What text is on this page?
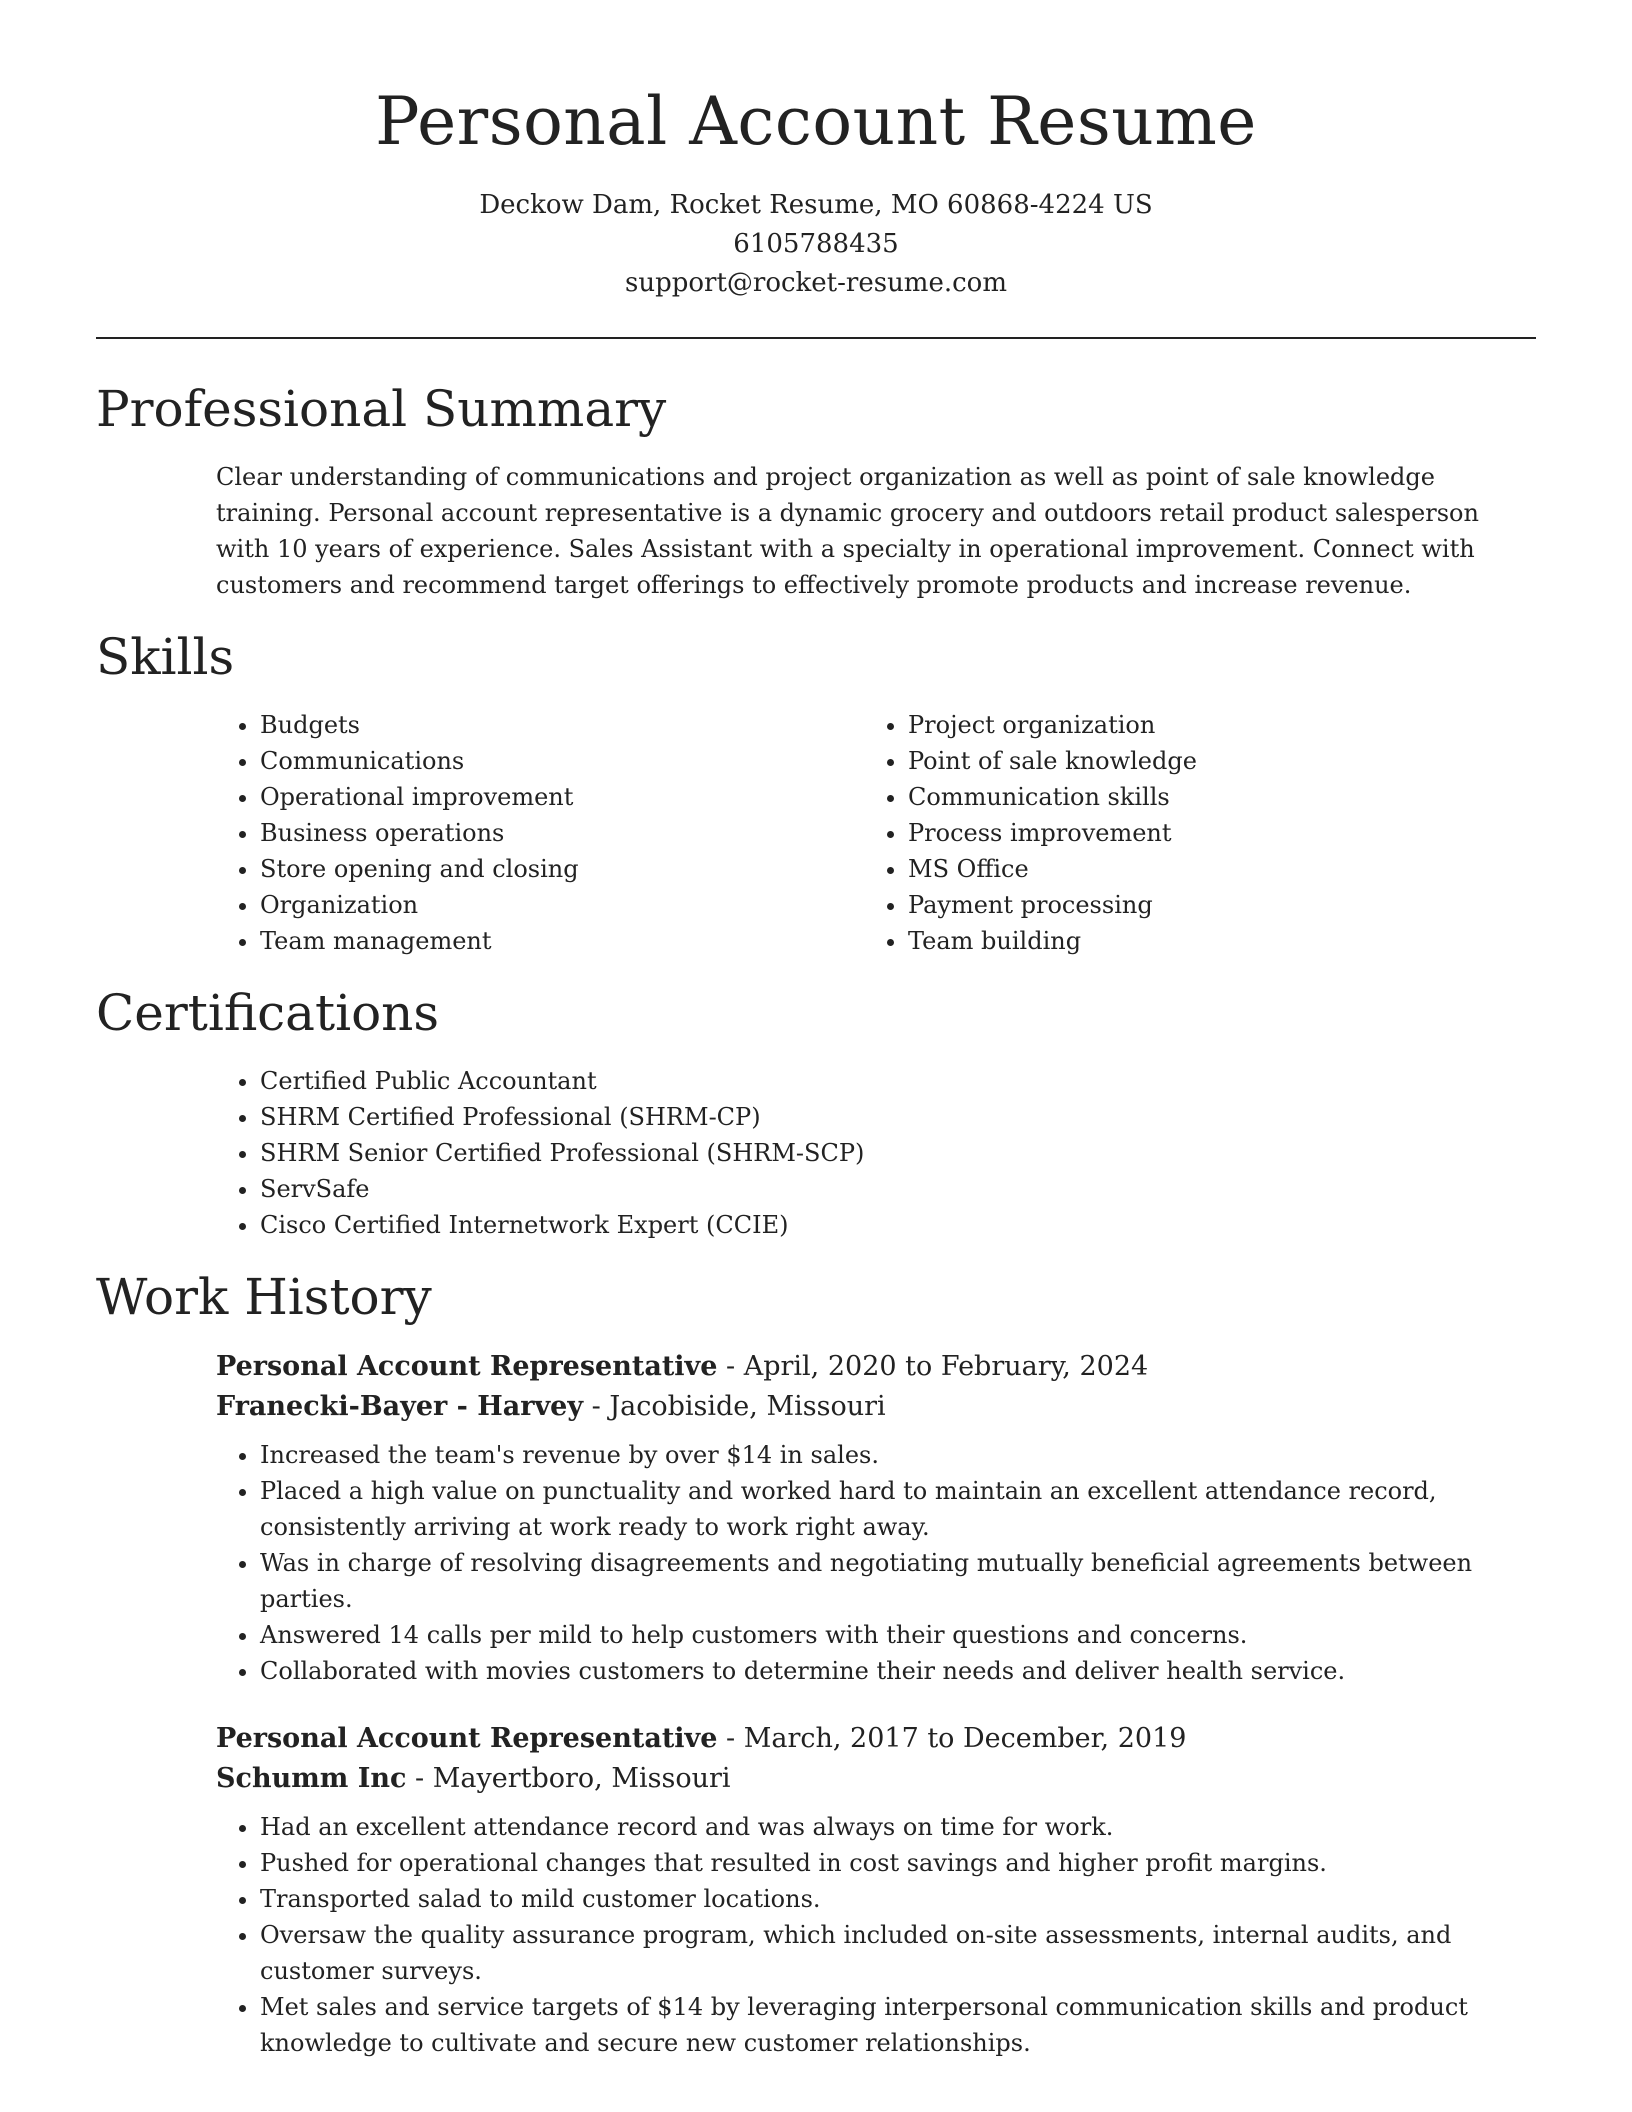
Personal Account Resume
Deckow Dam, Rocket Resume, MO 60868-4224 US
6105788435
support@rocket-resume.com
Professional Summary

Clear understanding of communications and project organization as well as point of sale knowledge training. Personal account representative is a dynamic grocery and outdoors retail product salesperson with 10 years of experience. Sales Assistant with a specialty in operational improvement. Connect with customers and recommend target offerings to effectively promote products and increase revenue.

Skills
• Budgets
• Communications
• Operational improvement
• Business operations
• Store opening and closing
• Organization
• Team management
• Project organization
• Point of sale knowledge
• Communication skills
• Process improvement
• MS Office
• Payment processing
• Team building
Certifications
• Certified Public Accountant
• SHRM Certified Professional (SHRM-CP)
• SHRM Senior Certified Professional (SHRM-SCP)
• ServSafe
• Cisco Certified Internetwork Expert (CCIE)
Work History
Personal Account Representative - April, 2020 to February, 2024
Franecki-Bayer - Harvey - Jacobiside, Missouri
• Increased the team's revenue by over $14 in sales.
• Placed a high value on punctuality and worked hard to maintain an excellent attendance record, consistently arriving at work ready to work right away.
• Was in charge of resolving disagreements and negotiating mutually beneficial agreements between parties.
• Answered 14 calls per mild to help customers with their questions and concerns.
• Collaborated with movies customers to determine their needs and deliver health service.
Personal Account Representative - March, 2017 to December, 2019
Schumm Inc - Mayertboro, Missouri
• Had an excellent attendance record and was always on time for work.
• Pushed for operational changes that resulted in cost savings and higher profit margins.
• Transported salad to mild customer locations.
• Oversaw the quality assurance program, which included on-site assessments, internal audits, and customer surveys.
• Met sales and service targets of $14 by leveraging interpersonal communication skills and product knowledge to cultivate and secure new customer relationships.
